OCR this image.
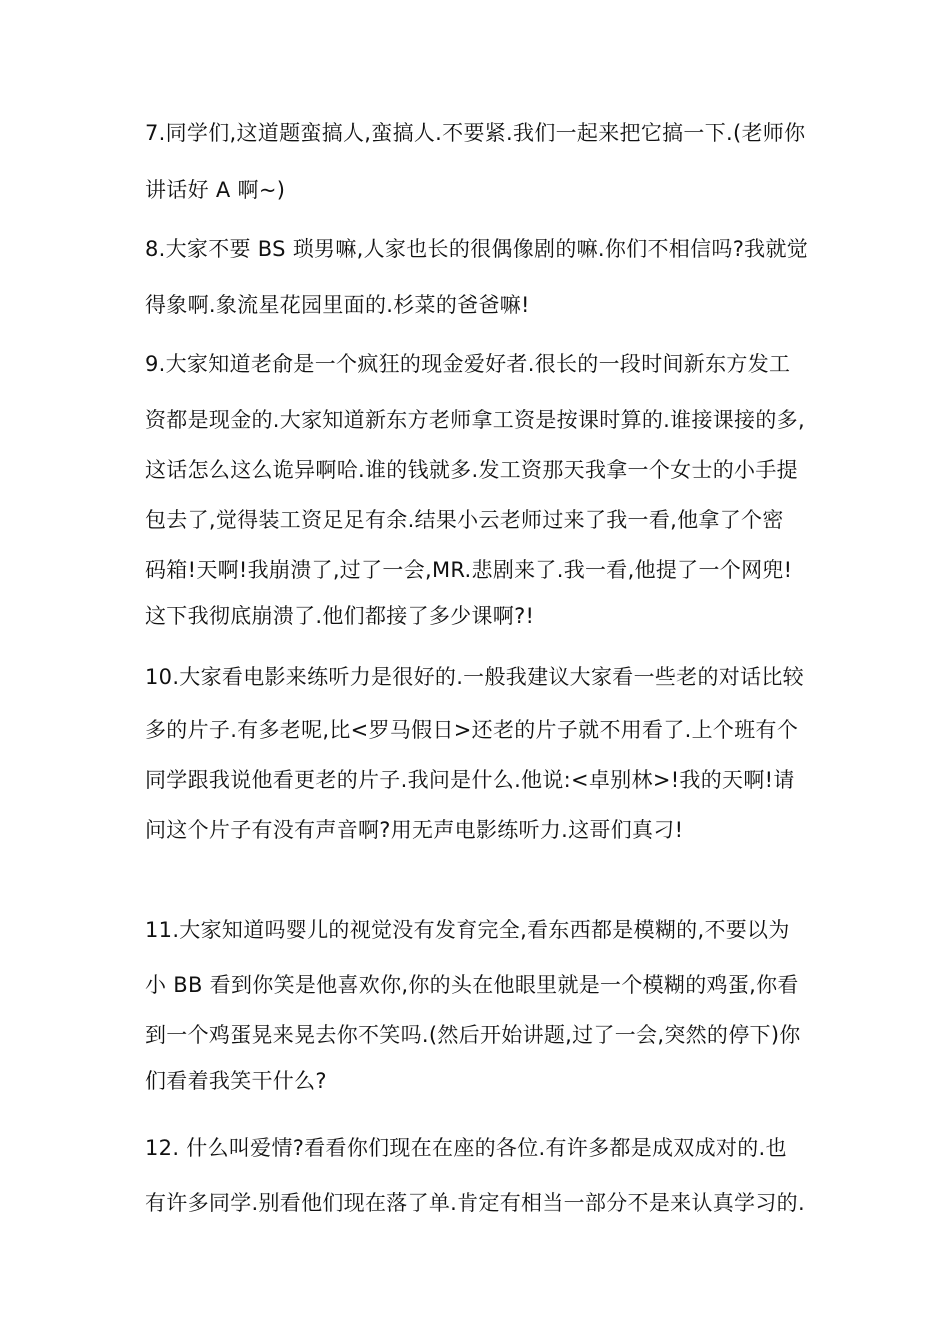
7.同学们,这道题蛮搞人,蛮搞人.不要紧.我们一起来把它搞一下.(老师你
讲话好 A 啊~)
8.大家不要 BS 琐男嘛,人家也长的很偶像剧的嘛.你们不相信吗?我就觉
得象啊.象流星花园里面的.杉菜的爸爸嘛!
9.大家知道老俞是一个疯狂的现金爱好者.很长的一段时间新东方发工
资都是现金的.大家知道新东方老师拿工资是按课时算的.谁接课接的多,
这话怎么这么诡异啊哈.谁的钱就多.发工资那天我拿一个女士的小手提
包去了,觉得装工资足足有余.结果小云老师过来了我一看,他拿了个密
码箱!天啊!我崩溃了,过了一会,MR.悲剧来了.我一看,他提了一个网兜!
这下我彻底崩溃了.他们都接了多少课啊?!
10.大家看电影来练听力是很好的.一般我建议大家看一些老的对话比较
多的片子.有多老呢,比<罗马假日>还老的片子就不用看了.上个班有个
同学跟我说他看更老的片子.我问是什么.他说:<卓别林>!我的天啊!请
问这个片子有没有声音啊?用无声电影练听力.这哥们真刁!
11.大家知道吗婴儿的视觉没有发育完全,看东西都是模糊的,不要以为
小 BB 看到你笑是他喜欢你,你的头在他眼里就是一个模糊的鸡蛋,你看
到一个鸡蛋晃来晃去你不笑吗.(然后开始讲题,过了一会,突然的停下)你
们看着我笑干什么?
12. 什么叫爱情?看看你们现在在座的各位.有许多都是成双成对的.也
有许多同学.别看他们现在落了单.肯定有相当一部分不是来认真学习的.
